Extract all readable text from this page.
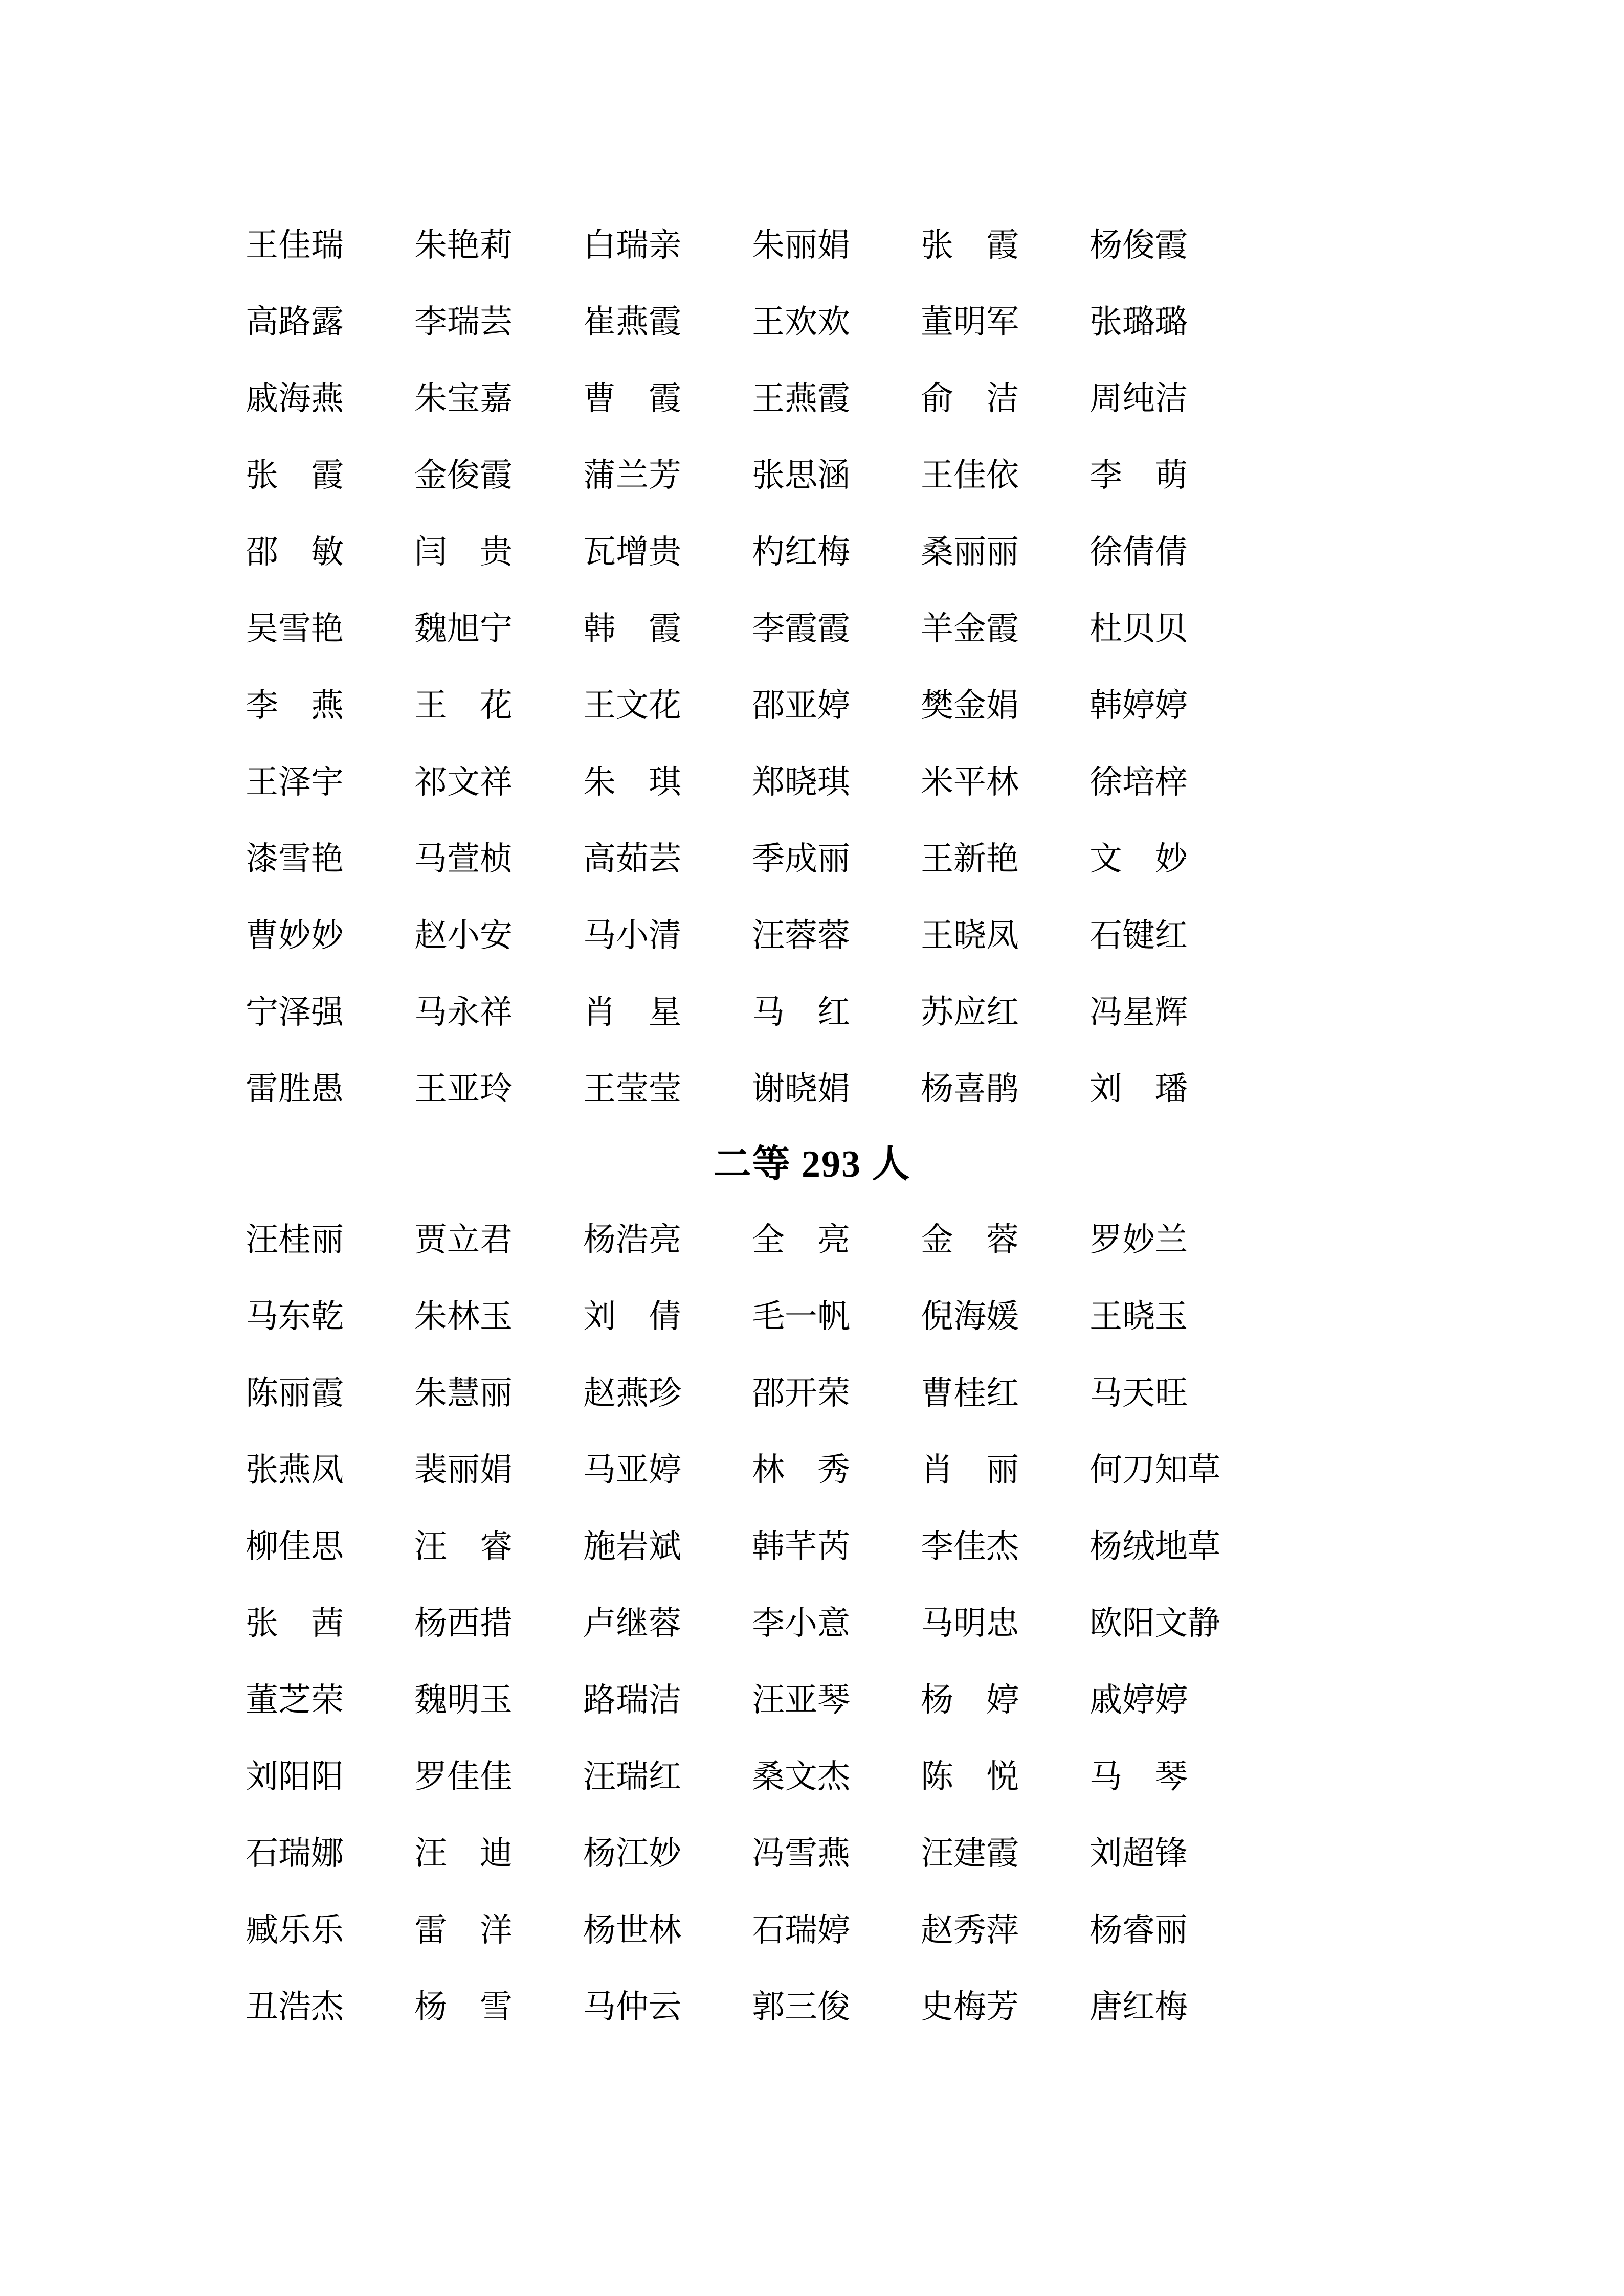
王佳瑞	朱艳莉	白瑞亲	朱丽娟	张　霞	杨俊霞
高路露	李瑞芸	崔燕霞	王欢欢	董明军	张璐璐
戚海燕	朱宝嘉	曹　霞	王燕霞	俞　洁	周纯洁
张　霞	金俊霞	蒲兰芳	张思涵	王佳依	李　萌
邵　敏	闫　贵	瓦增贵	杓红梅	桑丽丽	徐倩倩
吴雪艳	魏旭宁	韩　霞	李霞霞	羊金霞	杜贝贝
李　燕	王　花	王文花	邵亚婷	樊金娟	韩婷婷
王泽宇	祁文祥	朱　琪	郑晓琪	米平林	徐培梓
漆雪艳	马萱桢	高茹芸	季成丽	王新艳	文　妙
曹妙妙	赵小安	马小清	汪蓉蓉	王晓凤	石键红
宁泽强	马永祥	肖　星	马　红	苏应红	冯星辉
雷胜愚	王亚玲	王莹莹	谢晓娟	杨喜鹃	刘　璠
二等 293 人
汪桂丽	贾立君	杨浩亮	全　亮	金　蓉	罗妙兰
马东乾	朱林玉	刘　倩	毛一帆	倪海媛	王晓玉
陈丽霞	朱慧丽	赵燕珍	邵开荣	曹桂红	马天旺
张燕凤	裴丽娟	马亚婷	林　秀	肖　丽	何刀知草
柳佳思	汪　睿	施岩斌	韩芊芮	李佳杰	杨绒地草
张　茜	杨西措	卢继蓉	李小意	马明忠	欧阳文静
董芝荣	魏明玉	路瑞洁	汪亚琴	杨　婷	戚婷婷
刘阳阳	罗佳佳	汪瑞红	桑文杰	陈　悦	马　琴
石瑞娜	汪　迪	杨江妙	冯雪燕	汪建霞	刘超锋
臧乐乐	雷　洋	杨世林	石瑞婷	赵秀萍	杨睿丽
丑浩杰	杨　雪	马仲云	郭三俊	史梅芳	唐红梅
